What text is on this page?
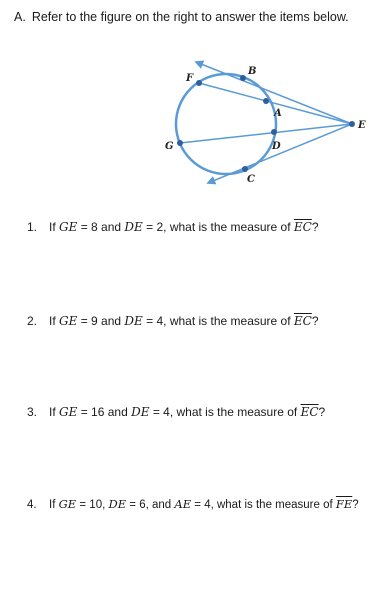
A. Refer to the figure on the right to answer the items below.
F
B
A
E
G	D
C
1. If GE = 8 and DE = 2, what is the measure of $\overline{EC}$?
2. If GE = 9 and DE = 4, what is the measure of $\overline{EC}$?
3. If GE = 16 and DE = 4, what is the measure of $\overline{EC}$?
4. If GE = 10, DE = 6, and AE = 4, what is the measure of $\overline{FE}$?
